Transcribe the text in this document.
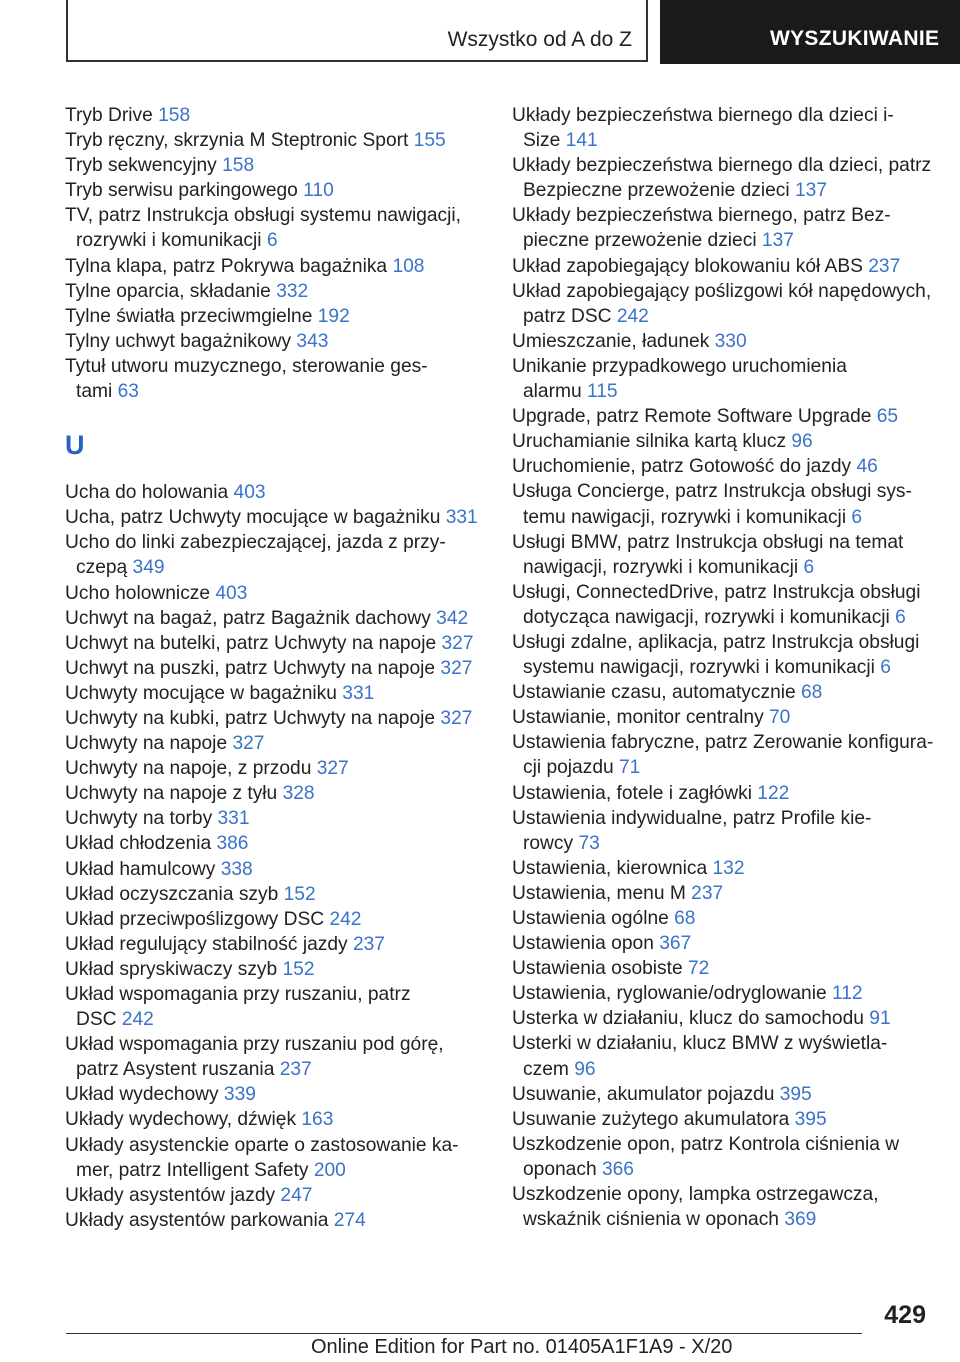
Wszystko od A do Z	WYSZUKIWANIE
Tryb Drive 158
Tryb ręczny, skrzynia M Steptronic Sport 155
Tryb sekwencyjny 158
Tryb serwisu parkingowego 110
TV, patrz Instrukcja obsługi systemu nawigacji,
rozrywki i komunikacji 6
Tylna klapa, patrz Pokrywa bagażnika 108
Tylne oparcia, składanie 332
Tylne światła przeciwmgielne 192
Tylny uchwyt bagażnikowy 343
Tytuł utworu muzycznego, sterowanie ges-
tami 63
U
Ucha do holowania 403
Ucha, patrz Uchwyty mocujące w bagażniku 331
Ucho do linki zabezpieczającej, jazda z przy-
czepą 349
Ucho holownicze 403
Uchwyt na bagaż, patrz Bagażnik dachowy 342
Uchwyt na butelki, patrz Uchwyty na napoje 327
Uchwyt na puszki, patrz Uchwyty na napoje 327
Uchwyty mocujące w bagażniku 331
Uchwyty na kubki, patrz Uchwyty na napoje 327
Uchwyty na napoje 327
Uchwyty na napoje, z przodu 327
Uchwyty na napoje z tyłu 328
Uchwyty na torby 331
Układ chłodzenia 386
Układ hamulcowy 338
Układ oczyszczania szyb 152
Układ przeciwpoślizgowy DSC 242
Układ regulujący stabilność jazdy 237
Układ spryskiwaczy szyb 152
Układ wspomagania przy ruszaniu, patrz
DSC 242
Układ wspomagania przy ruszaniu pod górę,
patrz Asystent ruszania 237
Układ wydechowy 339
Układy wydechowy, dźwięk 163
Układy asystenckie oparte o zastosowanie ka-
mer, patrz Intelligent Safety 200
Układy asystentów jazdy 247
Układy asystentów parkowania 274
Układy bezpieczeństwa biernego dla dzieci i-
Size 141
Układy bezpieczeństwa biernego dla dzieci, patrz
Bezpieczne przewożenie dzieci 137
Układy bezpieczeństwa biernego, patrz Bez-
pieczne przewożenie dzieci 137
Układ zapobiegający blokowaniu kół ABS 237
Układ zapobiegający poślizgowi kół napędowych,
patrz DSC 242
Umieszczanie, ładunek 330
Unikanie przypadkowego uruchomienia
alarmu 115
Upgrade, patrz Remote Software Upgrade 65
Uruchamianie silnika kartą klucz 96
Uruchomienie, patrz Gotowość do jazdy 46
Usługa Concierge, patrz Instrukcja obsługi sys-
temu nawigacji, rozrywki i komunikacji 6
Usługi BMW, patrz Instrukcja obsługi na temat
nawigacji, rozrywki i komunikacji 6
Usługi, ConnectedDrive, patrz Instrukcja obsługi
dotycząca nawigacji, rozrywki i komunikacji 6
Usługi zdalne, aplikacja, patrz Instrukcja obsługi
systemu nawigacji, rozrywki i komunikacji 6
Ustawianie czasu, automatycznie 68
Ustawianie, monitor centralny 70
Ustawienia fabryczne, patrz Zerowanie konfigura-
cji pojazdu 71
Ustawienia, fotele i zagłówki 122
Ustawienia indywidualne, patrz Profile kie-
rowcy 73
Ustawienia, kierownica 132
Ustawienia, menu M 237
Ustawienia ogólne 68
Ustawienia opon 367
Ustawienia osobiste 72
Ustawienia, ryglowanie/odryglowanie 112
Usterka w działaniu, klucz do samochodu 91
Usterki w działaniu, klucz BMW z wyświetla-
czem 96
Usuwanie, akumulator pojazdu 395
Usuwanie zużytego akumulatora 395
Uszkodzenie opon, patrz Kontrola ciśnienia w
oponach 366
Uszkodzenie opony, lampka ostrzegawcza,
wskaźnik ciśnienia w oponach 369
429
Online Edition for Part no. 01405A1F1A9 - X/20
